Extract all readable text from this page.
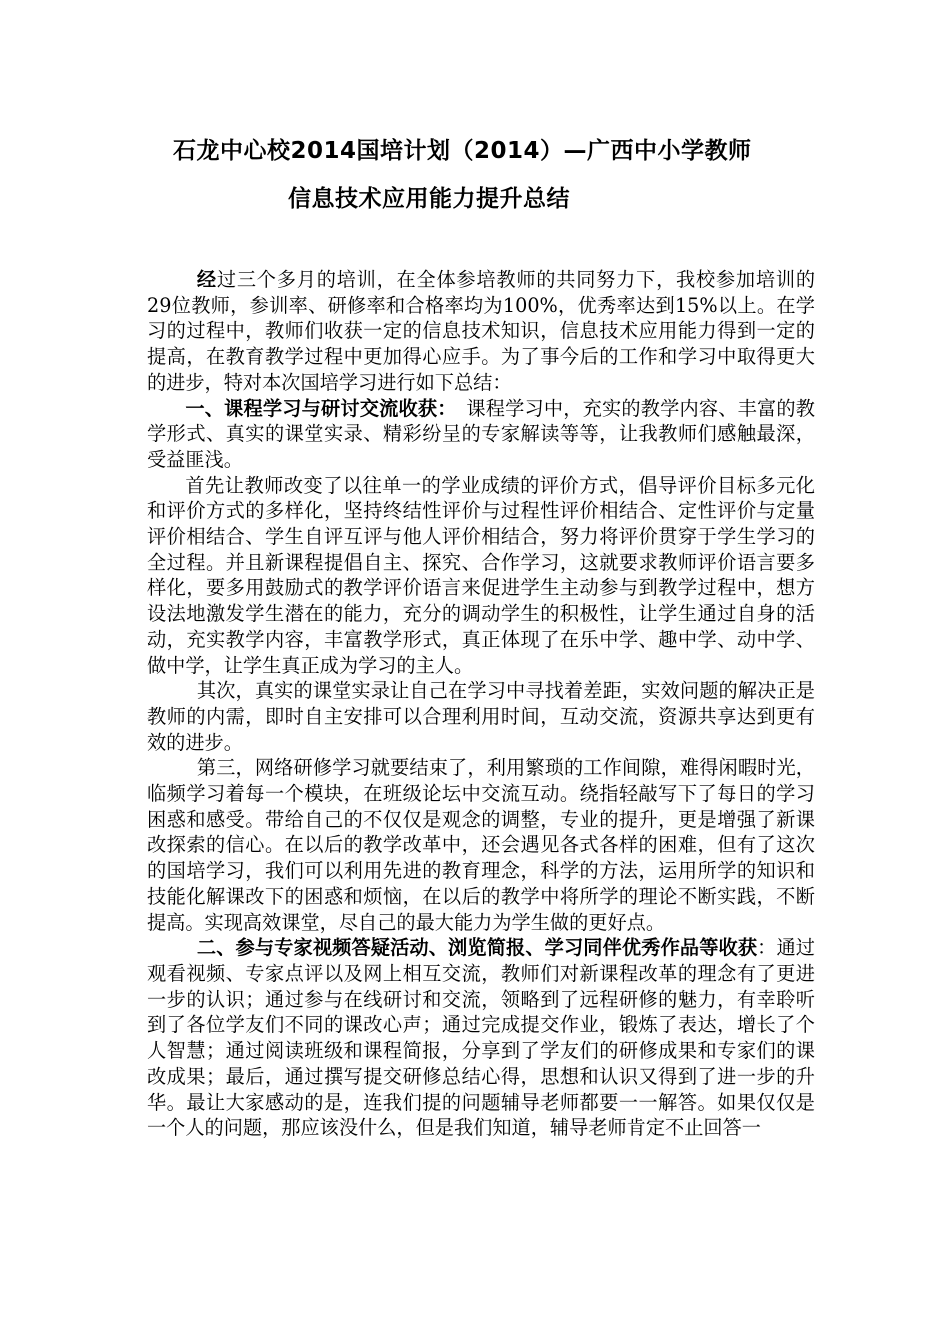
石龙中心校2014国培计划（2014）—广西中小学教师
信息技术应用能力提升总结

经过三个多月的培训，在全体参培教师的共同努力下，我校参加培训的29位教师，参训率、研修率和合格率均为100%，优秀率达到15%以上。在学习的过程中，教师们收获一定的信息技术知识，信息技术应用能力得到一定的提高，在教育教学过程中更加得心应手。为了事今后的工作和学习中取得更大的进步，特对本次国培学习进行如下总结：

一、课程学习与研讨交流收获：　课程学习中，充实的教学内容、丰富的教学形式、真实的课堂实录、精彩纷呈的专家解读等等，让我教师们感触最深，受益匪浅。

首先让教师改变了以往单一的学业成绩的评价方式，倡导评价目标多元化和评价方式的多样化，坚持终结性评价与过程性评价相结合、定性评价与定量评价相结合、学生自评互评与他人评价相结合，努力将评价贯穿于学生学习的全过程。并且新课程提倡自主、探究、合作学习，这就要求教师评价语言要多样化，要多用鼓励式的教学评价语言来促进学生主动参与到教学过程中，想方设法地激发学生潜在的能力，充分的调动学生的积极性，让学生通过自身的活动，充实教学内容，丰富教学形式，真正体现了在乐中学、趣中学、动中学、做中学，让学生真正成为学习的主人。

其次，真实的课堂实录让自己在学习中寻找着差距，实效问题的解决正是教师的内需，即时自主安排可以合理利用时间，互动交流，资源共享达到更有效的进步。

第三，网络研修学习就要结束了，利用繁琐的工作间隙，难得闲暇时光，临频学习着每一个模块，在班级论坛中交流互动。绕指轻敲写下了每日的学习困惑和感受。带给自己的不仅仅是观念的调整，专业的提升，更是增强了新课改探索的信心。在以后的教学改革中，还会遇见各式各样的困难，但有了这次的国培学习，我们可以利用先进的教育理念，科学的方法，运用所学的知识和技能化解课改下的困惑和烦恼，在以后的教学中将所学的理论不断实践，不断提高。实现高效课堂，尽自己的最大能力为学生做的更好点。

二、参与专家视频答疑活动、浏览简报、学习同伴优秀作品等收获：通过观看视频、专家点评以及网上相互交流，教师们对新课程改革的理念有了更进一步的认识；通过参与在线研讨和交流，领略到了远程研修的魅力，有幸聆听到了各位学友们不同的课改心声；通过完成提交作业，锻炼了表达，增长了个人智慧；通过阅读班级和课程简报，分享到了学友们的研修成果和专家们的课改成果；最后，通过撰写提交研修总结心得，思想和认识又得到了进一步的升华。最让大家感动的是，连我们提的问题辅导老师都要一一解答。如果仅仅是一个人的问题，那应该没什么，但是我们知道，辅导老师肯定不止回答一
